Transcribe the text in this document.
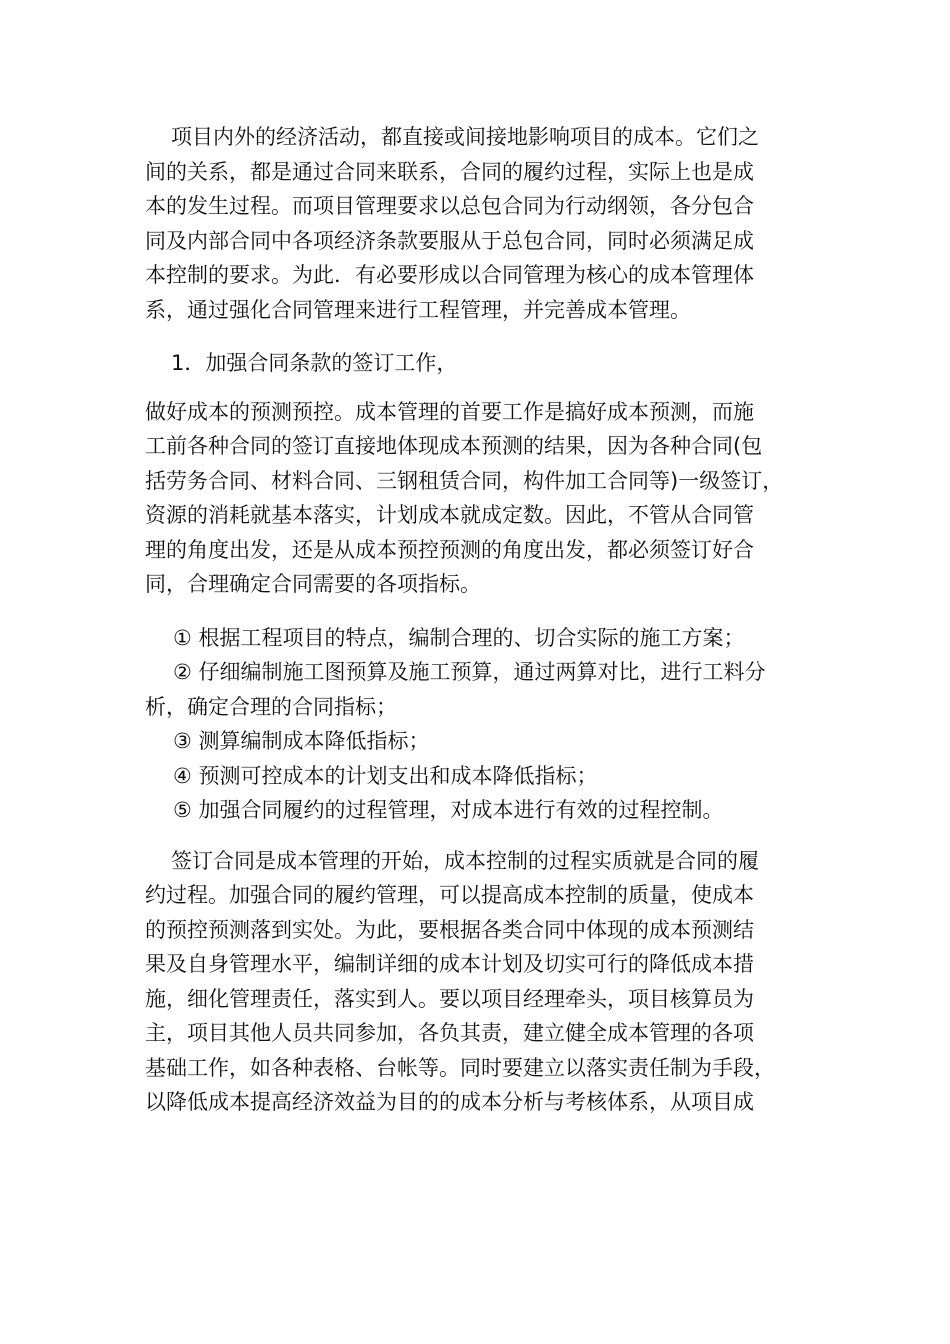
项目内外的经济活动，都直接或间接地影响项目的成本。它们之
间的关系，都是通过合同来联系，合同的履约过程，实际上也是成
本的发生过程。而项目管理要求以总包合同为行动纲领，各分包合
同及内部合同中各项经济条款要服从于总包合同，同时必须满足成
本控制的要求。为此．有必要形成以合同管理为核心的成本管理体
系，通过强化合同管理来进行工程管理，并完善成本管理。
1．加强合同条款的签订工作，
做好成本的预测预控。成本管理的首要工作是搞好成本预测，而施
工前各种合同的签订直接地体现成本预测的结果，因为各种合同(包
括劳务合同、材料合同、三钢租赁合同，构件加工合同等)一级签订，
资源的消耗就基本落实，计划成本就成定数。因此，不管从合同管
理的角度出发，还是从成本预控预测的角度出发，都必须签订好合
同，合理确定合同需要的各项指标。
① 根据工程项目的特点，编制合理的、切合实际的施工方案；
② 仔细编制施工图预算及施工预算，通过两算对比，进行工料分
析，确定合理的合同指标；
③ 测算编制成本降低指标；
④ 预测可控成本的计划支出和成本降低指标；
⑤ 加强合同履约的过程管理，对成本进行有效的过程控制。
签订合同是成本管理的开始，成本控制的过程实质就是合同的履
约过程。加强合同的履约管理，可以提高成本控制的质量，使成本
的预控预测落到实处。为此，要根据各类合同中体现的成本预测结
果及自身管理水平，编制详细的成本计划及切实可行的降低成本措
施，细化管理责任，落实到人。要以项目经理牵头，项目核算员为
主，项目其他人员共同参加，各负其责，建立健全成本管理的各项
基础工作，如各种表格、台帐等。同时要建立以落实责任制为手段，
以降低成本提高经济效益为目的的成本分析与考核体系，从项目成
